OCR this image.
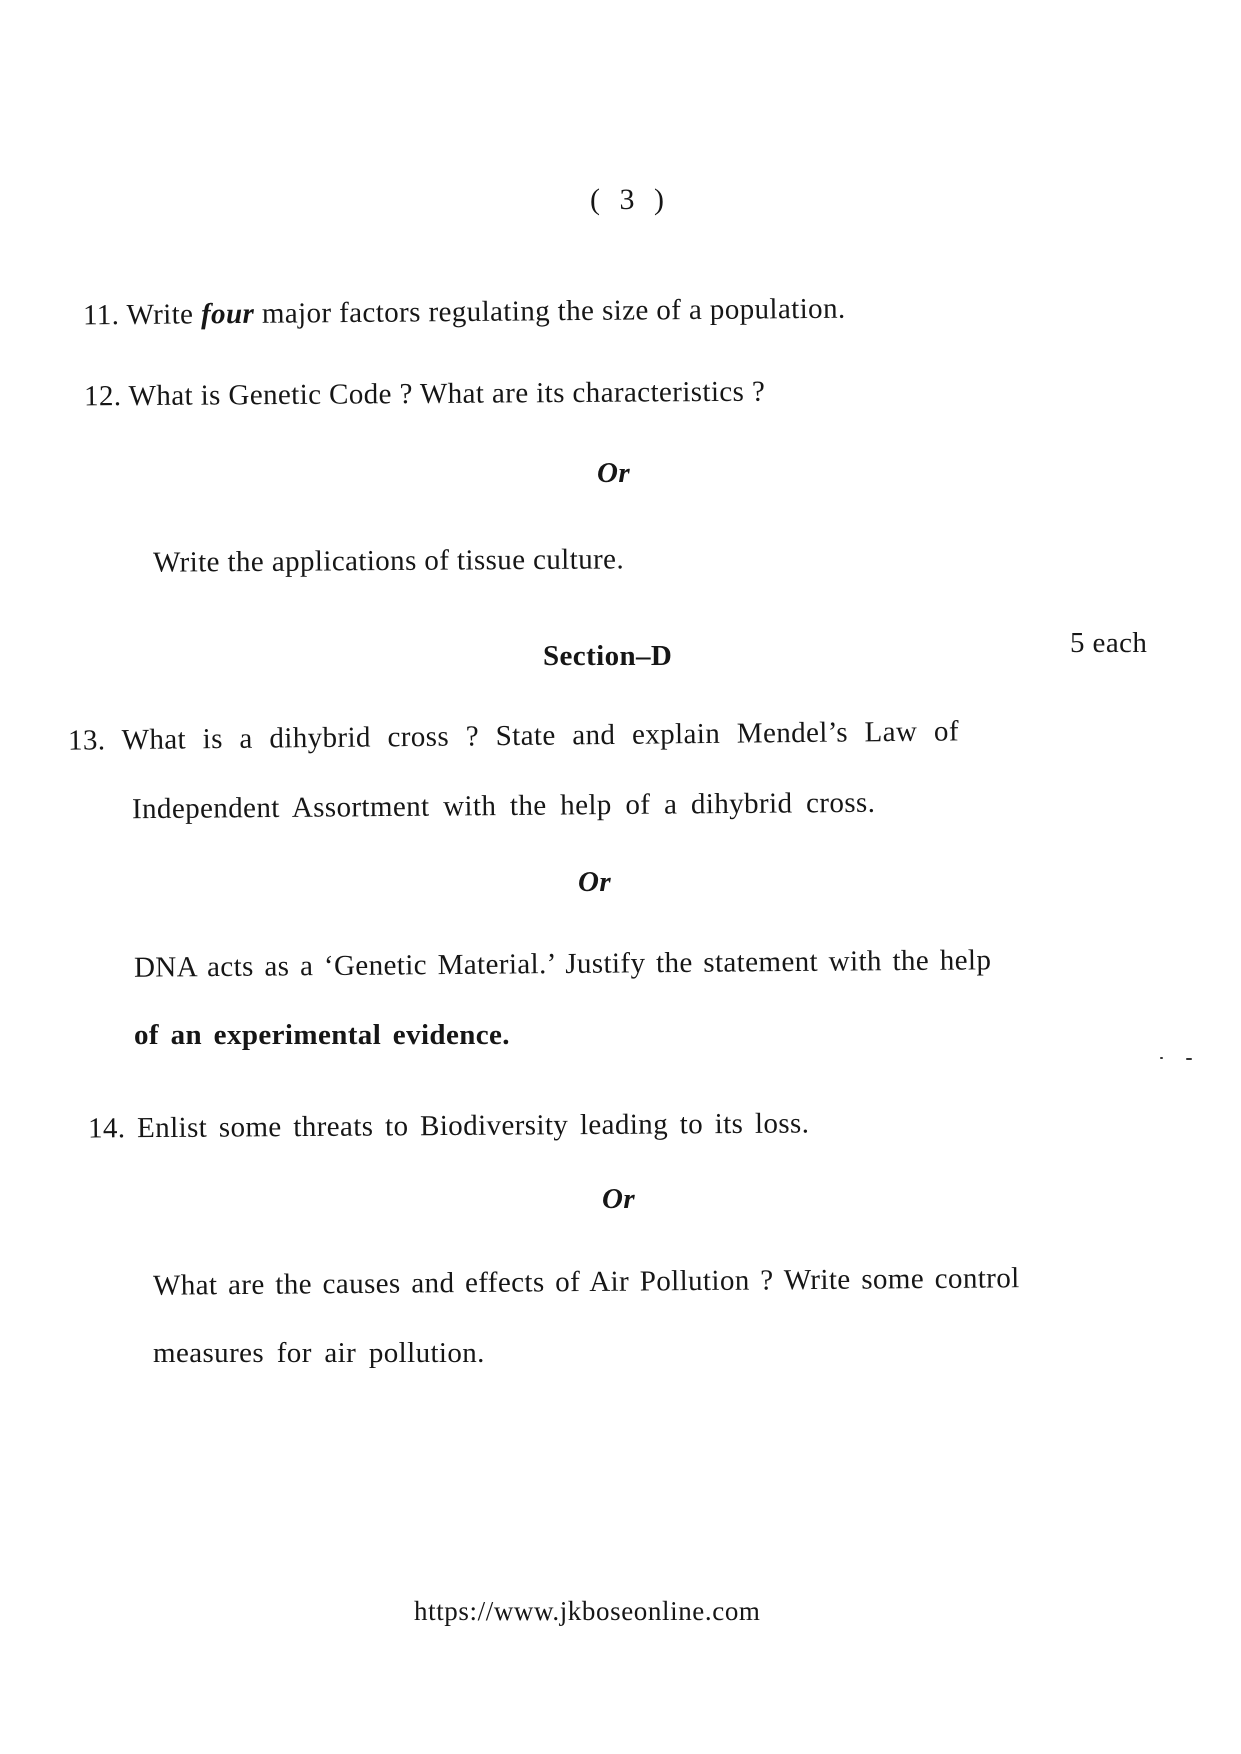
( 3 )
11. Write four major factors regulating the size of a population.
12. What is Genetic Code ? What are its characteristics ?
Or
Write the applications of tissue culture.
Section–D	5 each
13. What is a dihybrid cross ? State and explain Mendel’s Law of
Independent Assortment with the help of a dihybrid cross.
Or
DNA acts as a ‘Genetic Material.’ Justify the statement with the help
of an experimental evidence.
14. Enlist some threats to Biodiversity leading to its loss.
Or
What are the causes and effects of Air Pollution ? Write some control
measures for air pollution.
https://www.jkboseonline.com
